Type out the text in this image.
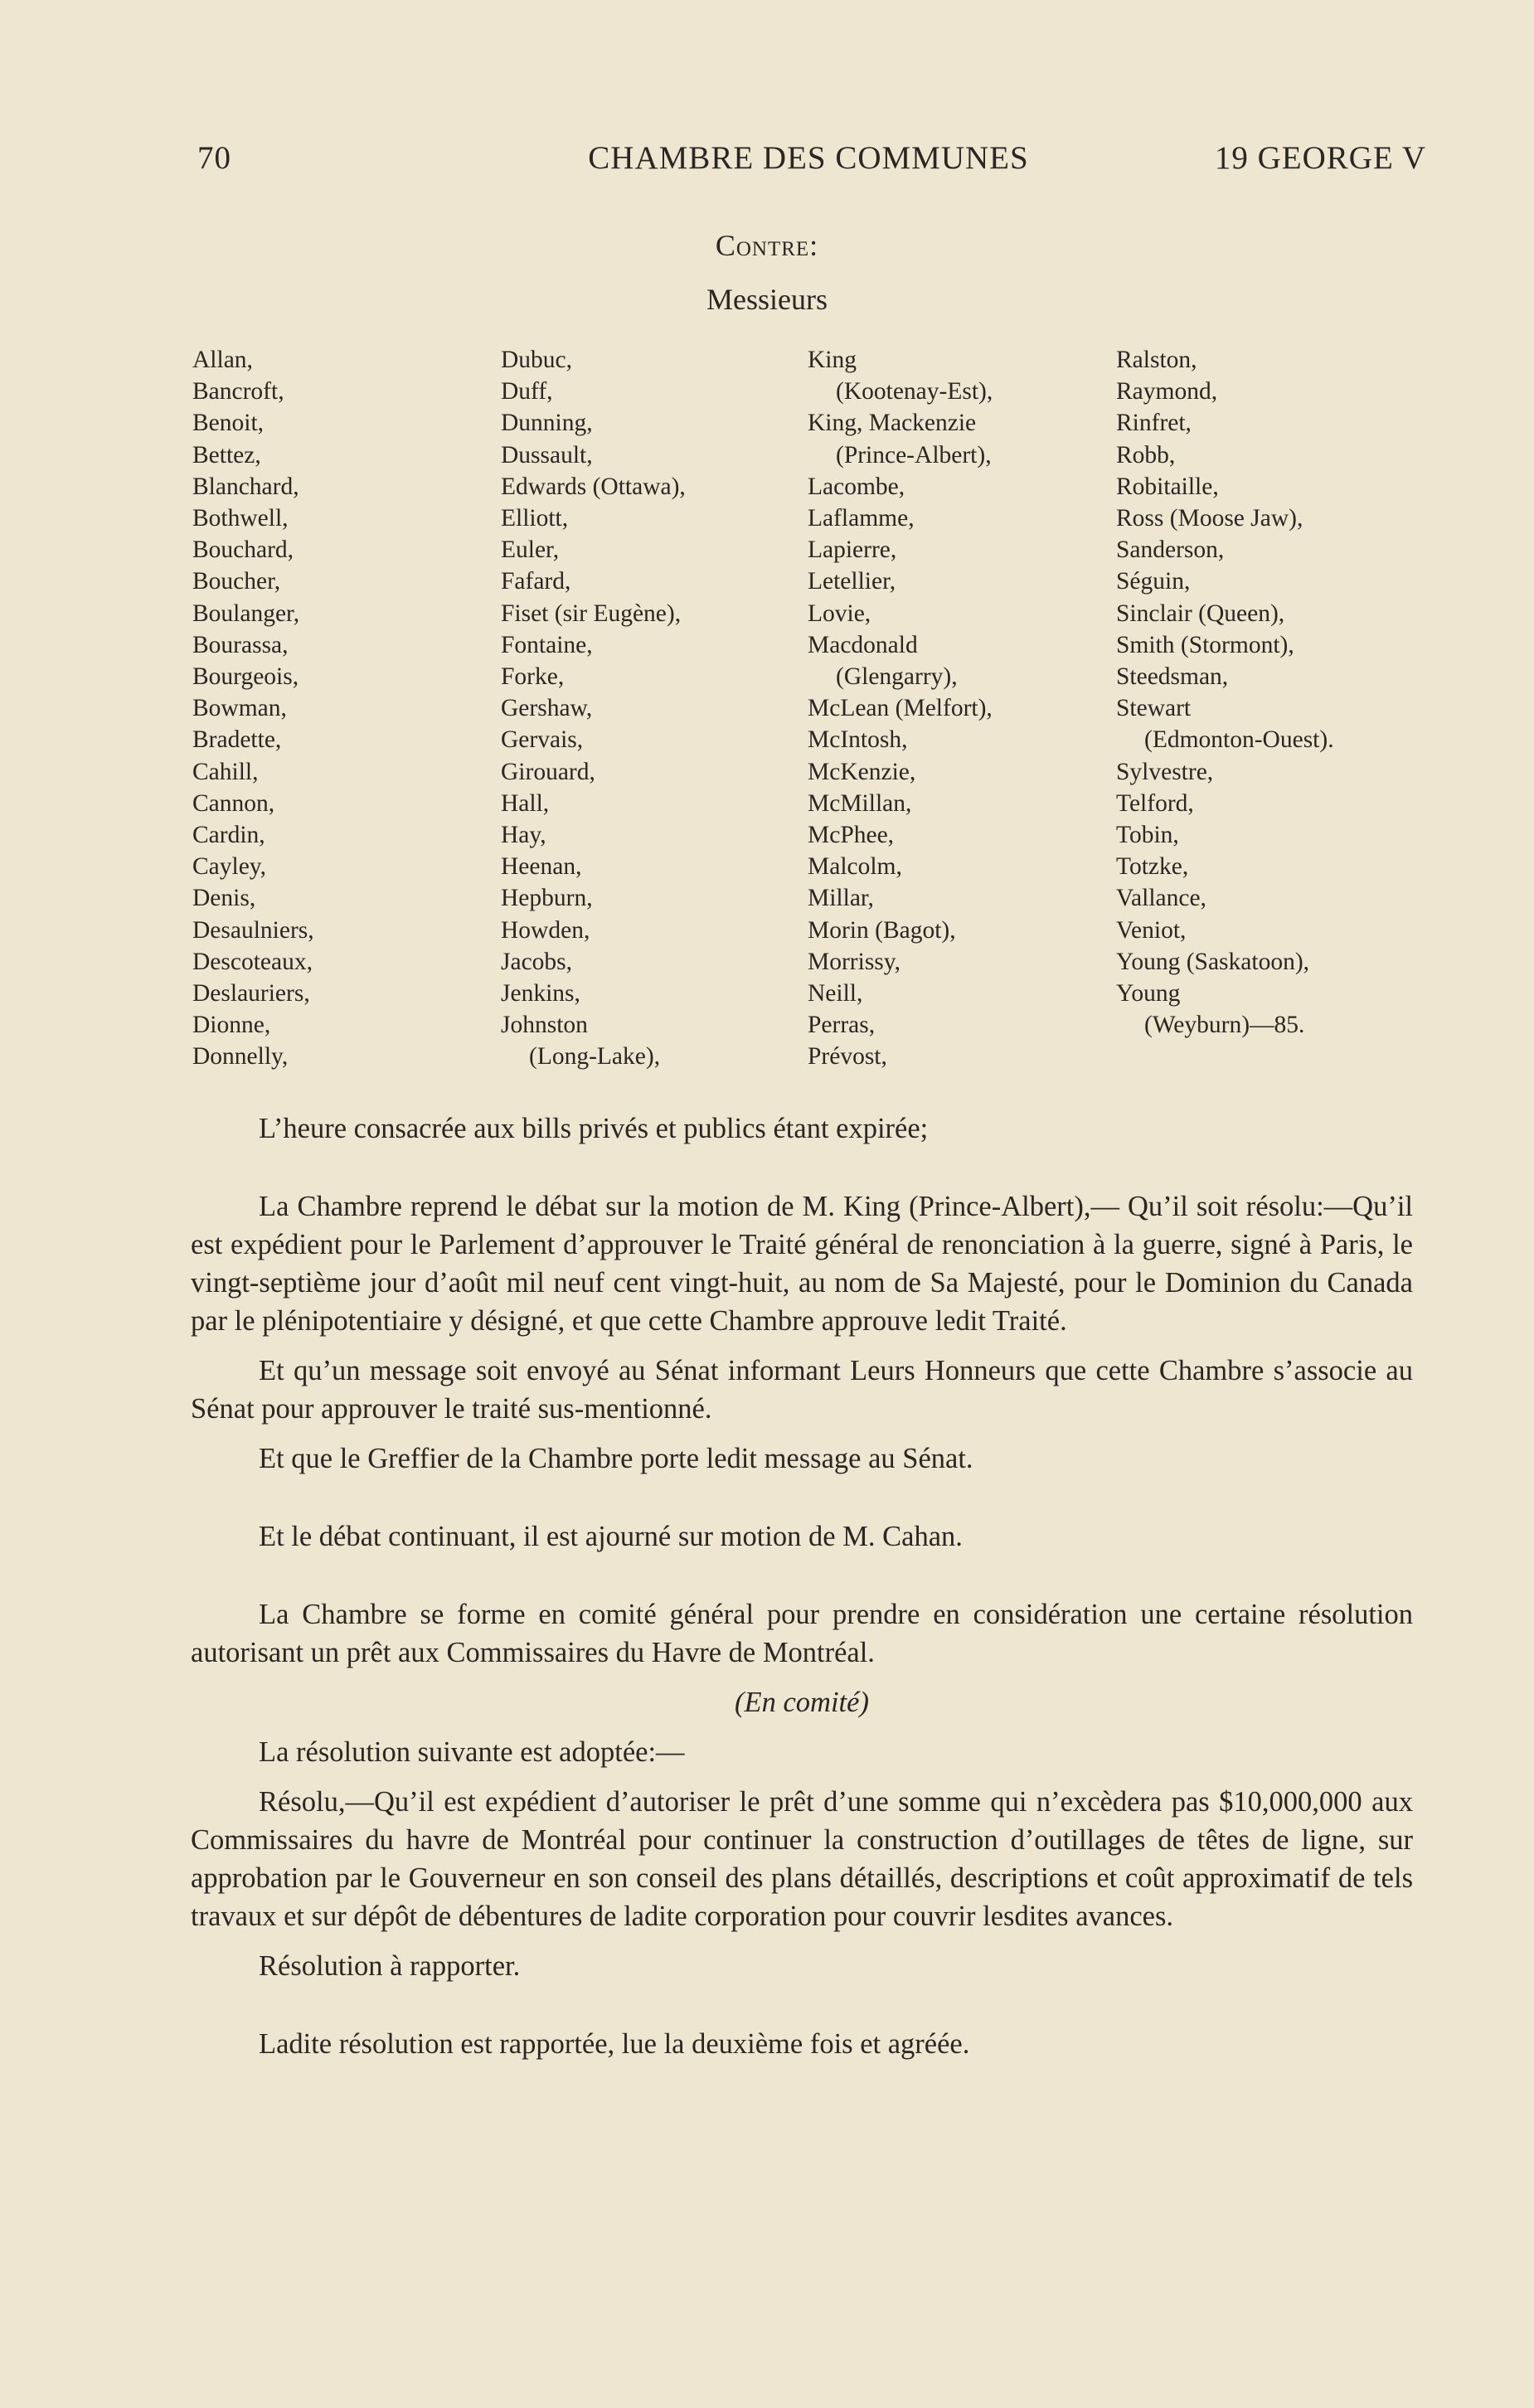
70	CHAMBRE DES COMMUNES	19 GEORGE V
Contre:
Messieurs
Allan,
Bancroft,
Benoit,
Bettez,
Blanchard,
Bothwell,
Bouchard,
Boucher,
Boulanger,
Bourassa,
Bourgeois,
Bowman,
Bradette,
Cahill,
Cannon,
Cardin,
Cayley,
Denis,
Desaulniers,
Descoteaux,
Deslauriers,
Dionne,
Donnelly,
Dubuc,
Duff,
Dunning,
Dussault,
Edwards (Ottawa),
Elliott,
Euler,
Fafard,
Fiset (sir Eugène),
Fontaine,
Forke,
Gershaw,
Gervais,
Girouard,
Hall,
Hay,
Heenan,
Hepburn,
Howden,
Jacobs,
Jenkins,
Johnston
(Long-Lake),
King
(Kootenay-Est),
King, Mackenzie
(Prince-Albert),
Lacombe,
Laflamme,
Lapierre,
Letellier,
Lovie,
Macdonald
(Glengarry),
McLean (Melfort),
McIntosh,
McKenzie,
McMillan,
McPhee,
Malcolm,
Millar,
Morin (Bagot),
Morrissy,
Neill,
Perras,
Prévost,
Ralston,
Raymond,
Rinfret,
Robb,
Robitaille,
Ross (Moose Jaw),
Sanderson,
Séguin,
Sinclair (Queen),
Smith (Stormont),
Steedsman,
Stewart
(Edmonton-Ouest).
Sylvestre,
Telford,
Tobin,
Totzke,
Vallance,
Veniot,
Young (Saskatoon),
Young
(Weyburn)—85.

L’heure consacrée aux bills privés et publics étant expirée;

La Chambre reprend le débat sur la motion de M. King (Prince-Albert),— Qu’il soit résolu:—Qu’il est expédient pour le Parlement d’approuver le Traité général de renonciation à la guerre, signé à Paris, le vingt-septième jour d’août mil neuf cent vingt-huit, au nom de Sa Majesté, pour le Dominion du Canada par le plénipotentiaire y désigné, et que cette Chambre approuve ledit Traité.

Et qu’un message soit envoyé au Sénat informant Leurs Honneurs que cette Chambre s’associe au Sénat pour approuver le traité sus-mentionné.

Et que le Greffier de la Chambre porte ledit message au Sénat.

Et le débat continuant, il est ajourné sur motion de M. Cahan.

La Chambre se forme en comité général pour prendre en considération une certaine résolution autorisant un prêt aux Commissaires du Havre de Montréal.

(En comité)

La résolution suivante est adoptée:—

Résolu,—Qu’il est expédient d’autoriser le prêt d’une somme qui n’excèdera pas $10,000,000 aux Commissaires du havre de Montréal pour continuer la construction d’outillages de têtes de ligne, sur approbation par le Gouverneur en son conseil des plans détaillés, descriptions et coût approximatif de tels travaux et sur dépôt de débentures de ladite corporation pour couvrir lesdites avances.

Résolution à rapporter.

Ladite résolution est rapportée, lue la deuxième fois et agréée.
